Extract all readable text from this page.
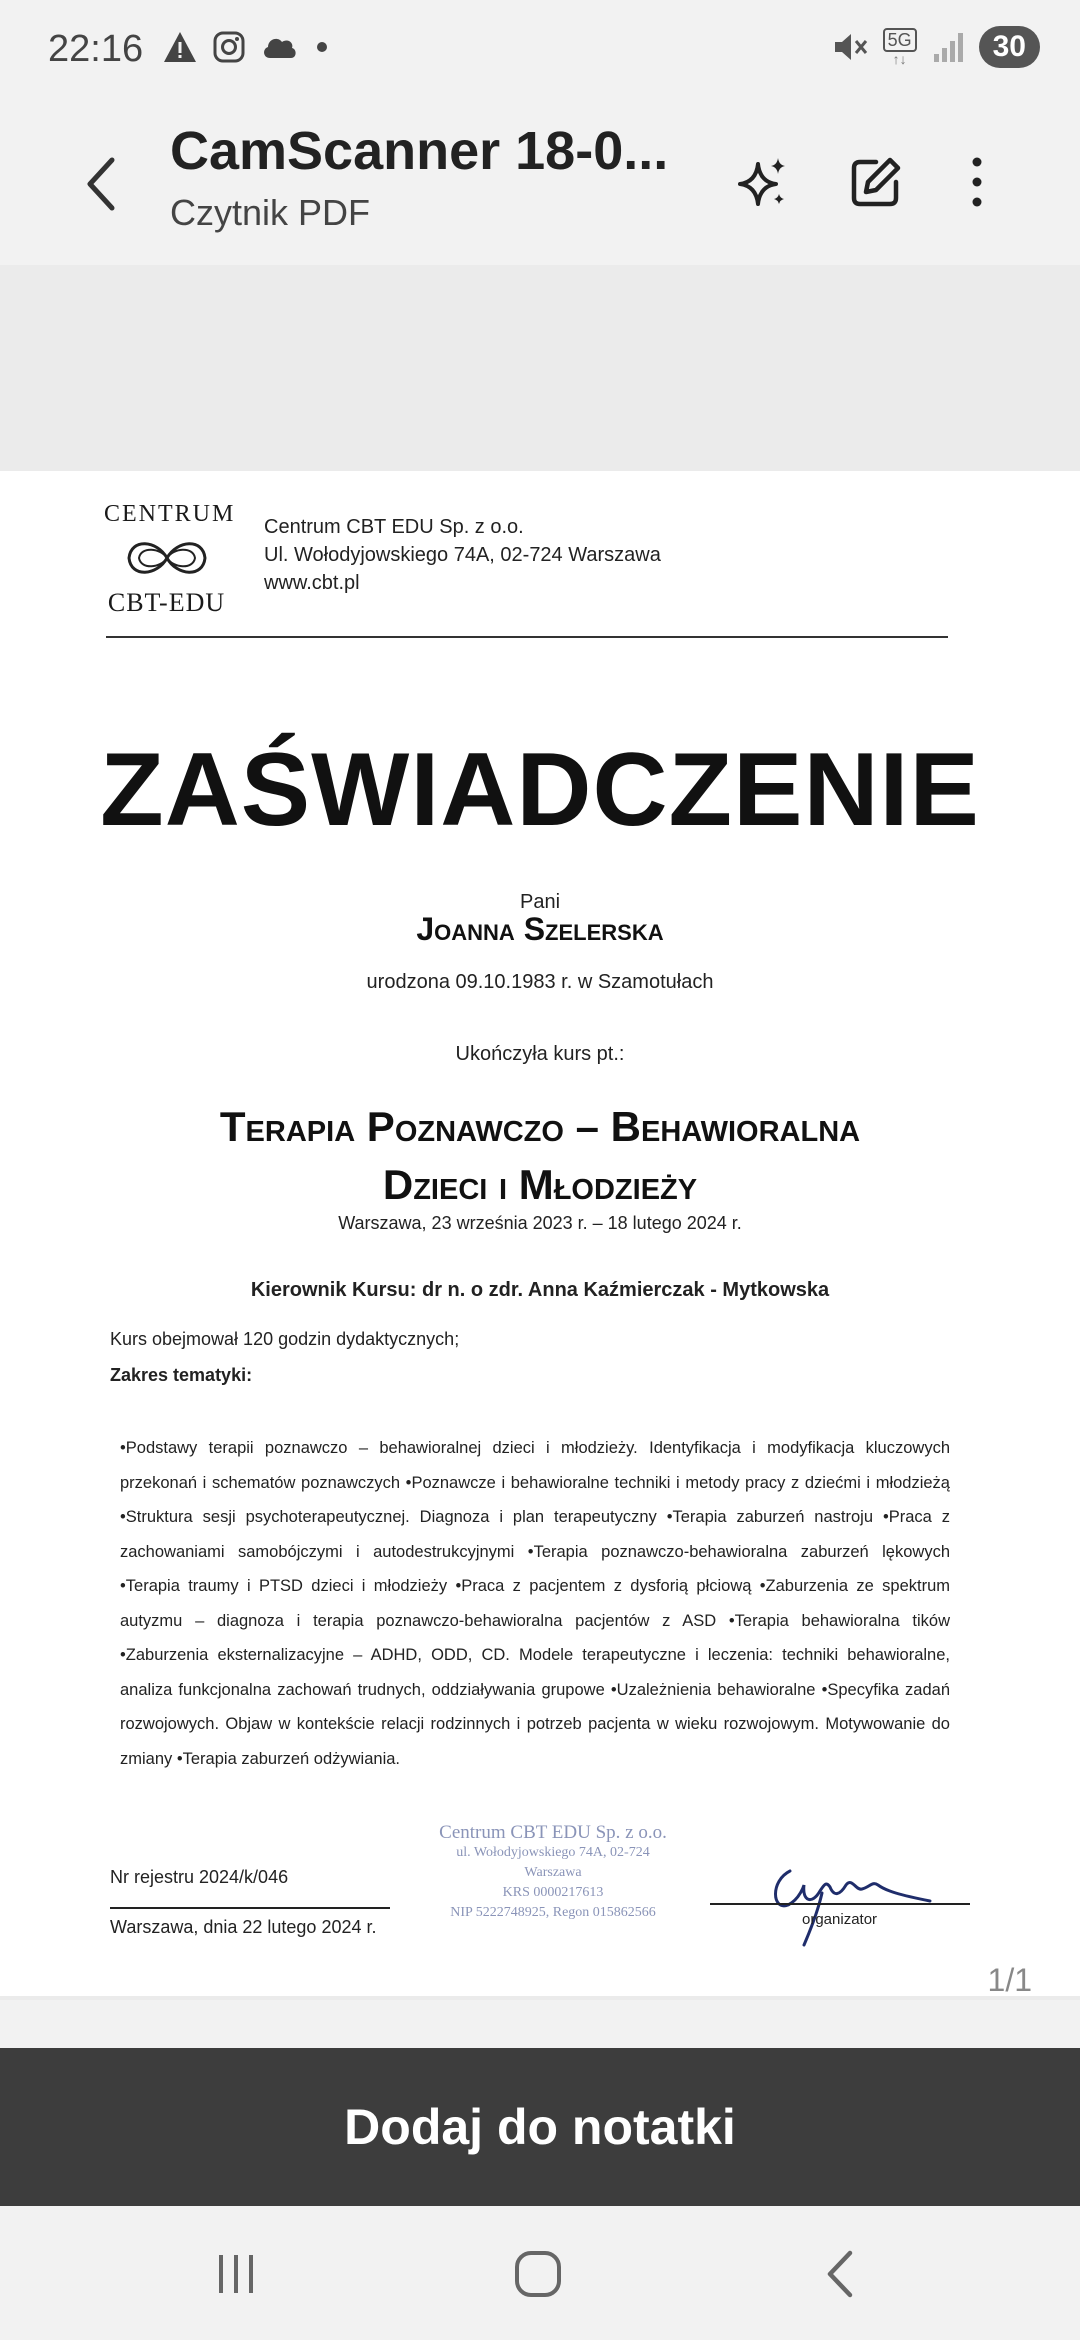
22:16	5G
↑↓	30
CamScanner 18-0...
Czytnik PDF
CENTRUM
CBT-EDU
Centrum CBT EDU Sp. z o.o.
Ul. Wołodyjowskiego 74A, 02-724 Warszawa
www.cbt.pl
ZAŚWIADCZENIE
Pani
Joanna Szelerska
urodzona 09.10.1983 r. w Szamotułach
Ukończyła kurs pt.:
Terapia Poznawczo – Behawioralna
Dzieci i Młodzieży
Warszawa, 23 września 2023 r. – 18 lutego 2024 r.
Kierownik Kursu: dr n. o zdr. Anna Kaźmierczak - Mytkowska
Kurs obejmował 120 godzin dydaktycznych;
Zakres tematyki:
•Podstawy terapii poznawczo – behawioralnej dzieci i młodzieży. Identyfikacja i modyfikacja kluczowych przekonań i schematów poznawczych •Poznawcze i behawioralne techniki i metody pracy z dziećmi i młodzieżą •Struktura sesji psychoterapeutycznej. Diagnoza i plan terapeutyczny •Terapia zaburzeń nastroju •Praca z zachowaniami samobójczymi i autodestrukcyjnymi •Terapia poznawczo-behawioralna zaburzeń lękowych •Terapia traumy i PTSD dzieci i młodzieży •Praca z pacjentem z dysforią płciową •Zaburzenia ze spektrum autyzmu – diagnoza i terapia poznawczo-behawioralna pacjentów z ASD •Terapia behawioralna tików •Zaburzenia eksternalizacyjne – ADHD, ODD, CD. Modele terapeutyczne i leczenia: techniki behawioralne, analiza funkcjonalna zachowań trudnych, oddziaływania grupowe •Uzależnienia behawioralne •Specyfika zadań rozwojowych. Objaw w kontekście relacji rodzinnych i potrzeb pacjenta w wieku rozwojowym. Motywowanie do zmiany •Terapia zaburzeń odżywiania.
Nr rejestru 2024/k/046
Warszawa, dnia 22 lutego 2024 r.
Centrum CBT EDU Sp. z o.o.
ul. Wołodyjowskiego 74A, 02-724 Warszawa
KRS 0000217613
NIP 5222748925, Regon 015862566	organizator
1/1
Dodaj do notatki
